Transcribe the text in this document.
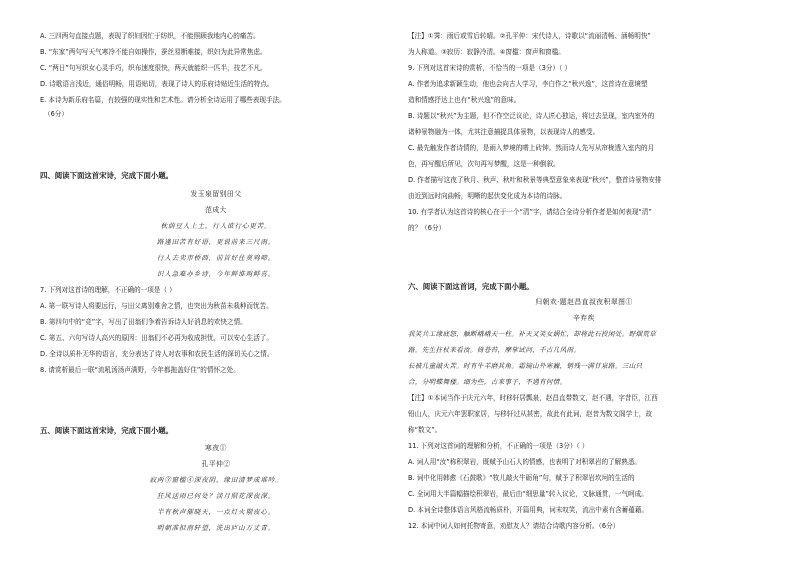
A. 三四两句直接点题，表现了织妇因忙于纺织，不能照顾我地内心的痛苦。
B. “东家”两句写天气寒冷不能自如操作，蚕丝易断难接，织妇为此异常焦虑。
C. “两日”句写织女心灵手巧，织布速度很快，两天就能织一匹半，技艺不凡。
D. 诗歌语言浅近，通俗明畅，用语贴切，表现了诗人的乐府诗贴近生活的特点。
E. 本诗为新乐府名篇，有较强的现实性和艺术性。请分析全诗运用了哪些表现手法。
（6分）
四、阅读下面这首宋诗，完成下面小题。
发玉泉留别田父
范成大
秋荫豆人上土，行人欲行心更苦。
路逢田苦有好语，更说前来三尺雨。
行人去卖市桥西，前首好住莫鸡啼。
识人急难办乡诗，今年鲜谁鸡鲜喜。
7. 下列对这首诗的理解，不正确的一项是（ ）
A. 第一联写诗人将要远行，与田父离别难舍之情，也突出为秋苗未栽种而忧苦。
B. 第四句中的“竞”字，写出了田翁们争着告诉诗人好消息的欢快之情。
C. 第五、六句写诗人高兴的原因：田翁们不必再为收成担忧，可以安心生活了。
D. 全诗以质朴无华的语言，充分表达了诗人对农事和农民生活的深切关心之情。
8. 请赏析最后一联“流吼汤汤声满野，今年都拖盖好住”的情怀之处。
五、阅读下面这首宋诗，完成下面小题。
寒夜①
孔平仲②
寂两③窗槛④深夜阴，缘田清梦成堆吟。
狂风送雨已何处？淡月照花深夜深。
半有秋声催晓天，一点灯火剔夜心。
明朝准拟南轩望，洗出庐山万丈青。
【注】①霁：雨后或雪后转晴。②孔平仲：宋代诗人，诗歌以“流丽清畅、涵畅明快”
为人称道。③寂历：寂静冷清。④窗槛：窗声和窗槛。
9. 下列对这首宋诗的赏析，不恰当的一项是（3分）（ ）
A. 作者为追求新颖生动，他也会向古人学习，李白作之“秋兴逸”，这首诗在意境塑
造和情感抒达上也有“秋兴逸”的意味。
B. 诗题以“秋兴”为主题，但不作空泛议论，诗人匠心独运，将过去呈现，室内室外的
诸种景物融为一体，尤其注意捕捉具体景物，以表现诗人的感受。
C. 最先触发作者诗情的，是雨入梦境的嗜上砖钟。然而诗人先写从帘栊透入室内的月
色，再写醒后所见，次句再写梦醒，这是一种倒叙。
D. 作者描写这夜了秋月、秋声、秋叶和秋景等典型意象来表现“秋兴”，整首诗景物安排
由近到远时向曲畅，明晰的起伏变化成为本诗的诗脉。
10. 有学者认为这首诗的核心在于一个“清”字，请结合全诗分析作者是如何表现“清”
的？（6分）
六、阅读下面这首词，完成下面小题。
归朝欢·题赵昌直叔夜积翠图①
辛弃疾
我笑共工缘底怒，触断峨峨天一柱。补天又笑女娲忙，却将此石投闲处。野烟荒草
路。先生拄杖来看汝。倚苍苔，摩挲试问，千古几风雨。
长被儿童敲火苦。时有牛羊磨其角。霜镜山外寒巍，销残一满甘泉路。三山只
合，分明蝶舞楼。细为些，古来事子，不遇有何情。
【注】①本词当作于庆元六年，时移轩居瓢泉，赵昌直带数文，赵不遇，字昔臣，江西
铅山人，庆元六年罢职家居，与移轩过从甚密，故此有此词，赵昔为数文阁学士，故
称“数文”。
11. 下列对这首词的理解和分析，不正确的一项是（3分）（ ）
A. 词人用“汝”称积翠岩，既赋予山石人的情感，也表明了对积翠岩的了解熟悉。
B. 词中化用韩愈《石鼓歌》“牧儿敲火牛砺角”句，赋予了积翠岩坎坷的生活的
C. 全词用大半篇幅描绘积翠岩，最后由“细思量”转入议论，文脉通贯，一气呵成。
D. 本词全诗整体语言风格流畅质朴，开篇用典，词末叹笑，流出中素有含蓄蕴藉。
12. 本词中词人如何托物寄意，劝慰友人？请结合诗歌内容分析。（6分）
